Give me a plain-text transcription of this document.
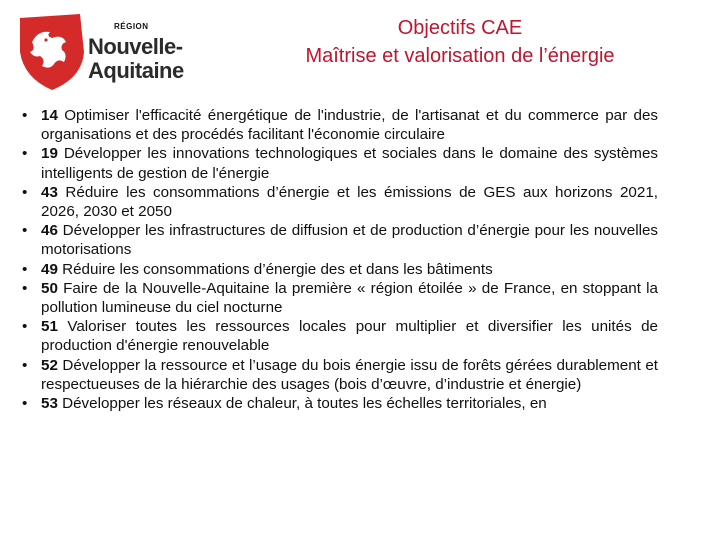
RÉGION
Nouvelle-
Aquitaine
Objectifs CAE
Maîtrise et valorisation de l’énergie
• 14 Optimiser l'efficacité énergétique de l'industrie, de l'artisanat et du commerce par des organisations et des procédés facilitant l'économie circulaire
• 19 Développer les innovations technologiques et sociales dans le domaine des systèmes intelligents de gestion de l'énergie
• 43 Réduire les consommations d’énergie et les émissions de GES aux horizons 2021, 2026, 2030 et 2050
• 46 Développer les infrastructures de diffusion et de production d’énergie pour les nouvelles motorisations
• 49 Réduire les consommations d’énergie des et dans les bâtiments
• 50 Faire de la Nouvelle-Aquitaine la première « région étoilée » de France, en stoppant la pollution lumineuse du ciel nocturne
• 51 Valoriser toutes les ressources locales pour multiplier et diversifier les unités de production d'énergie renouvelable
• 52 Développer la ressource et l’usage du bois énergie issu de forêts gérées durablement et respectueuses de la hiérarchie des usages (bois d’œuvre, d’industrie et énergie)
• 53 Développer les réseaux de chaleur, à toutes les échelles territoriales, en
